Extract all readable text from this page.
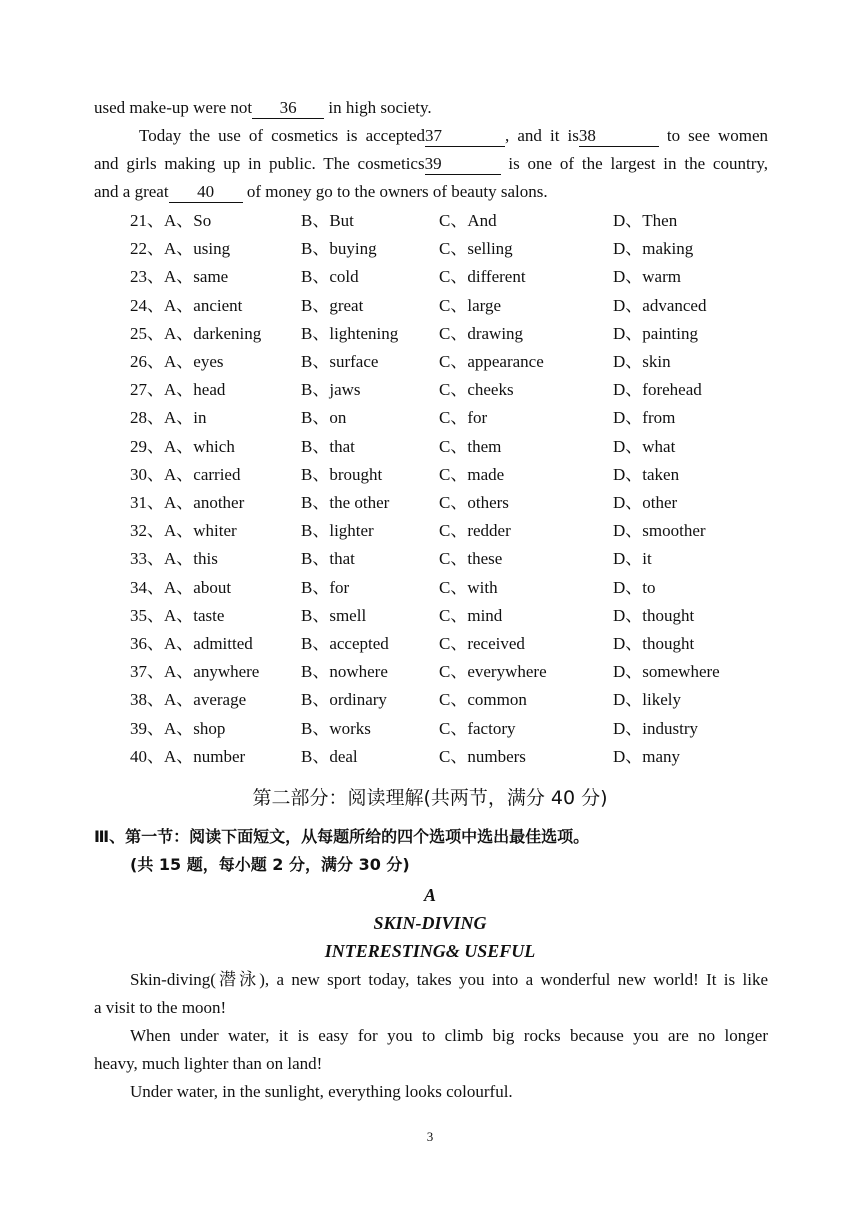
used make-up were not 36 in high society.
Today the use of cosmetics is accepted37	, and it is38	to see women
and girls making up in public. The cosmetics39	is one of the largest in the country,
and a great 40 of money go to the owners of beauty salons.
21、A、So	B、But	C、And	D、Then
22、A、using	B、buying	C、selling	D、making
23、A、same	B、cold	C、different	D、warm
24、A、ancient	B、great	C、large	D、advanced
25、A、darkening B、lightening C、drawing	D、painting
26、A、eyes	B、surface	C、appearance	D、skin
27、A、head	B、jaws	C、cheeks	D、forehead
28、A、in	B、on	C、for	D、from
29、A、which	B、that	C、them	D、what
30、A、carried	B、brought	C、made	D、taken
31、A、another	B、the other	C、others	D、other
32、A、whiter	B、lighter	C、redder	D、smoother
33、A、this	B、that	C、these	D、it
34、A、about	B、for	C、with	D、to
35、A、taste	B、smell	C、mind	D、thought
36、A、admitted	B、accepted	C、received	D、thought
37、A、anywhere B、nowhere	C、everywhere	D、somewhere
38、A、average	B、ordinary	C、common	D、likely
39、A、shop	B、works	C、factory	D、industry
40、A、number	B、deal	C、numbers	D、many
第二部分：阅读理解(共两节，满分 40 分)
Ⅲ、第一节：阅读下面短文，从每题所给的四个选项中选出最佳选项。
(共 15 题，每小题 2 分，满分 30 分)
A
SKIN-DIVING
INTERESTING& USEFUL
Skin-diving(潜泳), a new sport today, takes you into a wonderful new world! It is like
a visit to the moon!
When under water, it is easy for you to climb big rocks because you are no longer
heavy, much lighter than on land!
Under water, in the sunlight, everything looks colourful.
3
